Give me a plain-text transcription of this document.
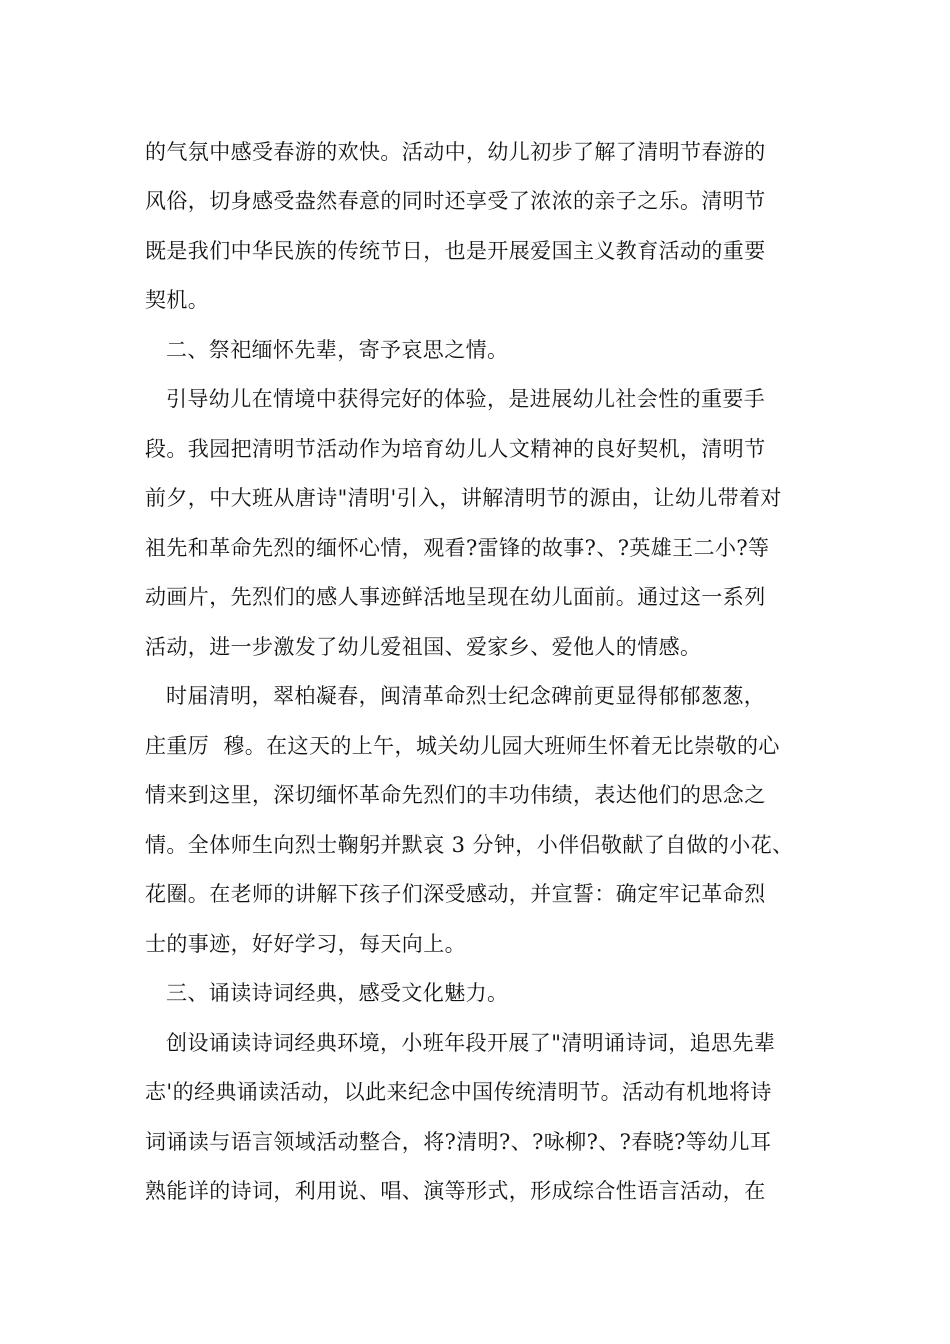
的气氛中感受春游的欢快。活动中，幼儿初步了解了清明节春游的
风俗，切身感受盎然春意的同时还享受了浓浓的亲子之乐。清明节
既是我们中华民族的传统节日，也是开展爱国主义教育活动的重要
契机。
二、祭祀缅怀先辈，寄予哀思之情。
引导幼儿在情境中获得完好的体验，是进展幼儿社会性的重要手
段。我园把清明节活动作为培育幼儿人文精神的良好契机，清明节
前夕，中大班从唐诗"清明'引入，讲解清明节的源由，让幼儿带着对
祖先和革命先烈的缅怀心情，观看?雷锋的故事?、?英雄王二小?等
动画片，先烈们的感人事迹鲜活地呈现在幼儿面前。通过这一系列
活动，进一步激发了幼儿爱祖国、爱家乡、爱他人的情感。
时届清明，翠柏凝春，闽清革命烈士纪念碑前更显得郁郁葱葱，
庄重厉  穆。在这天的上午，城关幼儿园大班师生怀着无比崇敬的心
情来到这里，深切缅怀革命先烈们的丰功伟绩，表达他们的思念之
情。全体师生向烈士鞠躬并默哀 3 分钟，小伴侣敬献了自做的小花、
花圈。在老师的讲解下孩子们深受感动，并宣誓：确定牢记革命烈
士的事迹，好好学习，每天向上。
三、诵读诗词经典，感受文化魅力。
创设诵读诗词经典环境，小班年段开展了"清明诵诗词，追思先辈
志'的经典诵读活动，以此来纪念中国传统清明节。活动有机地将诗
词诵读与语言领域活动整合，将?清明?、?咏柳?、?春晓?等幼儿耳
熟能详的诗词，利用说、唱、演等形式，形成综合性语言活动，在
